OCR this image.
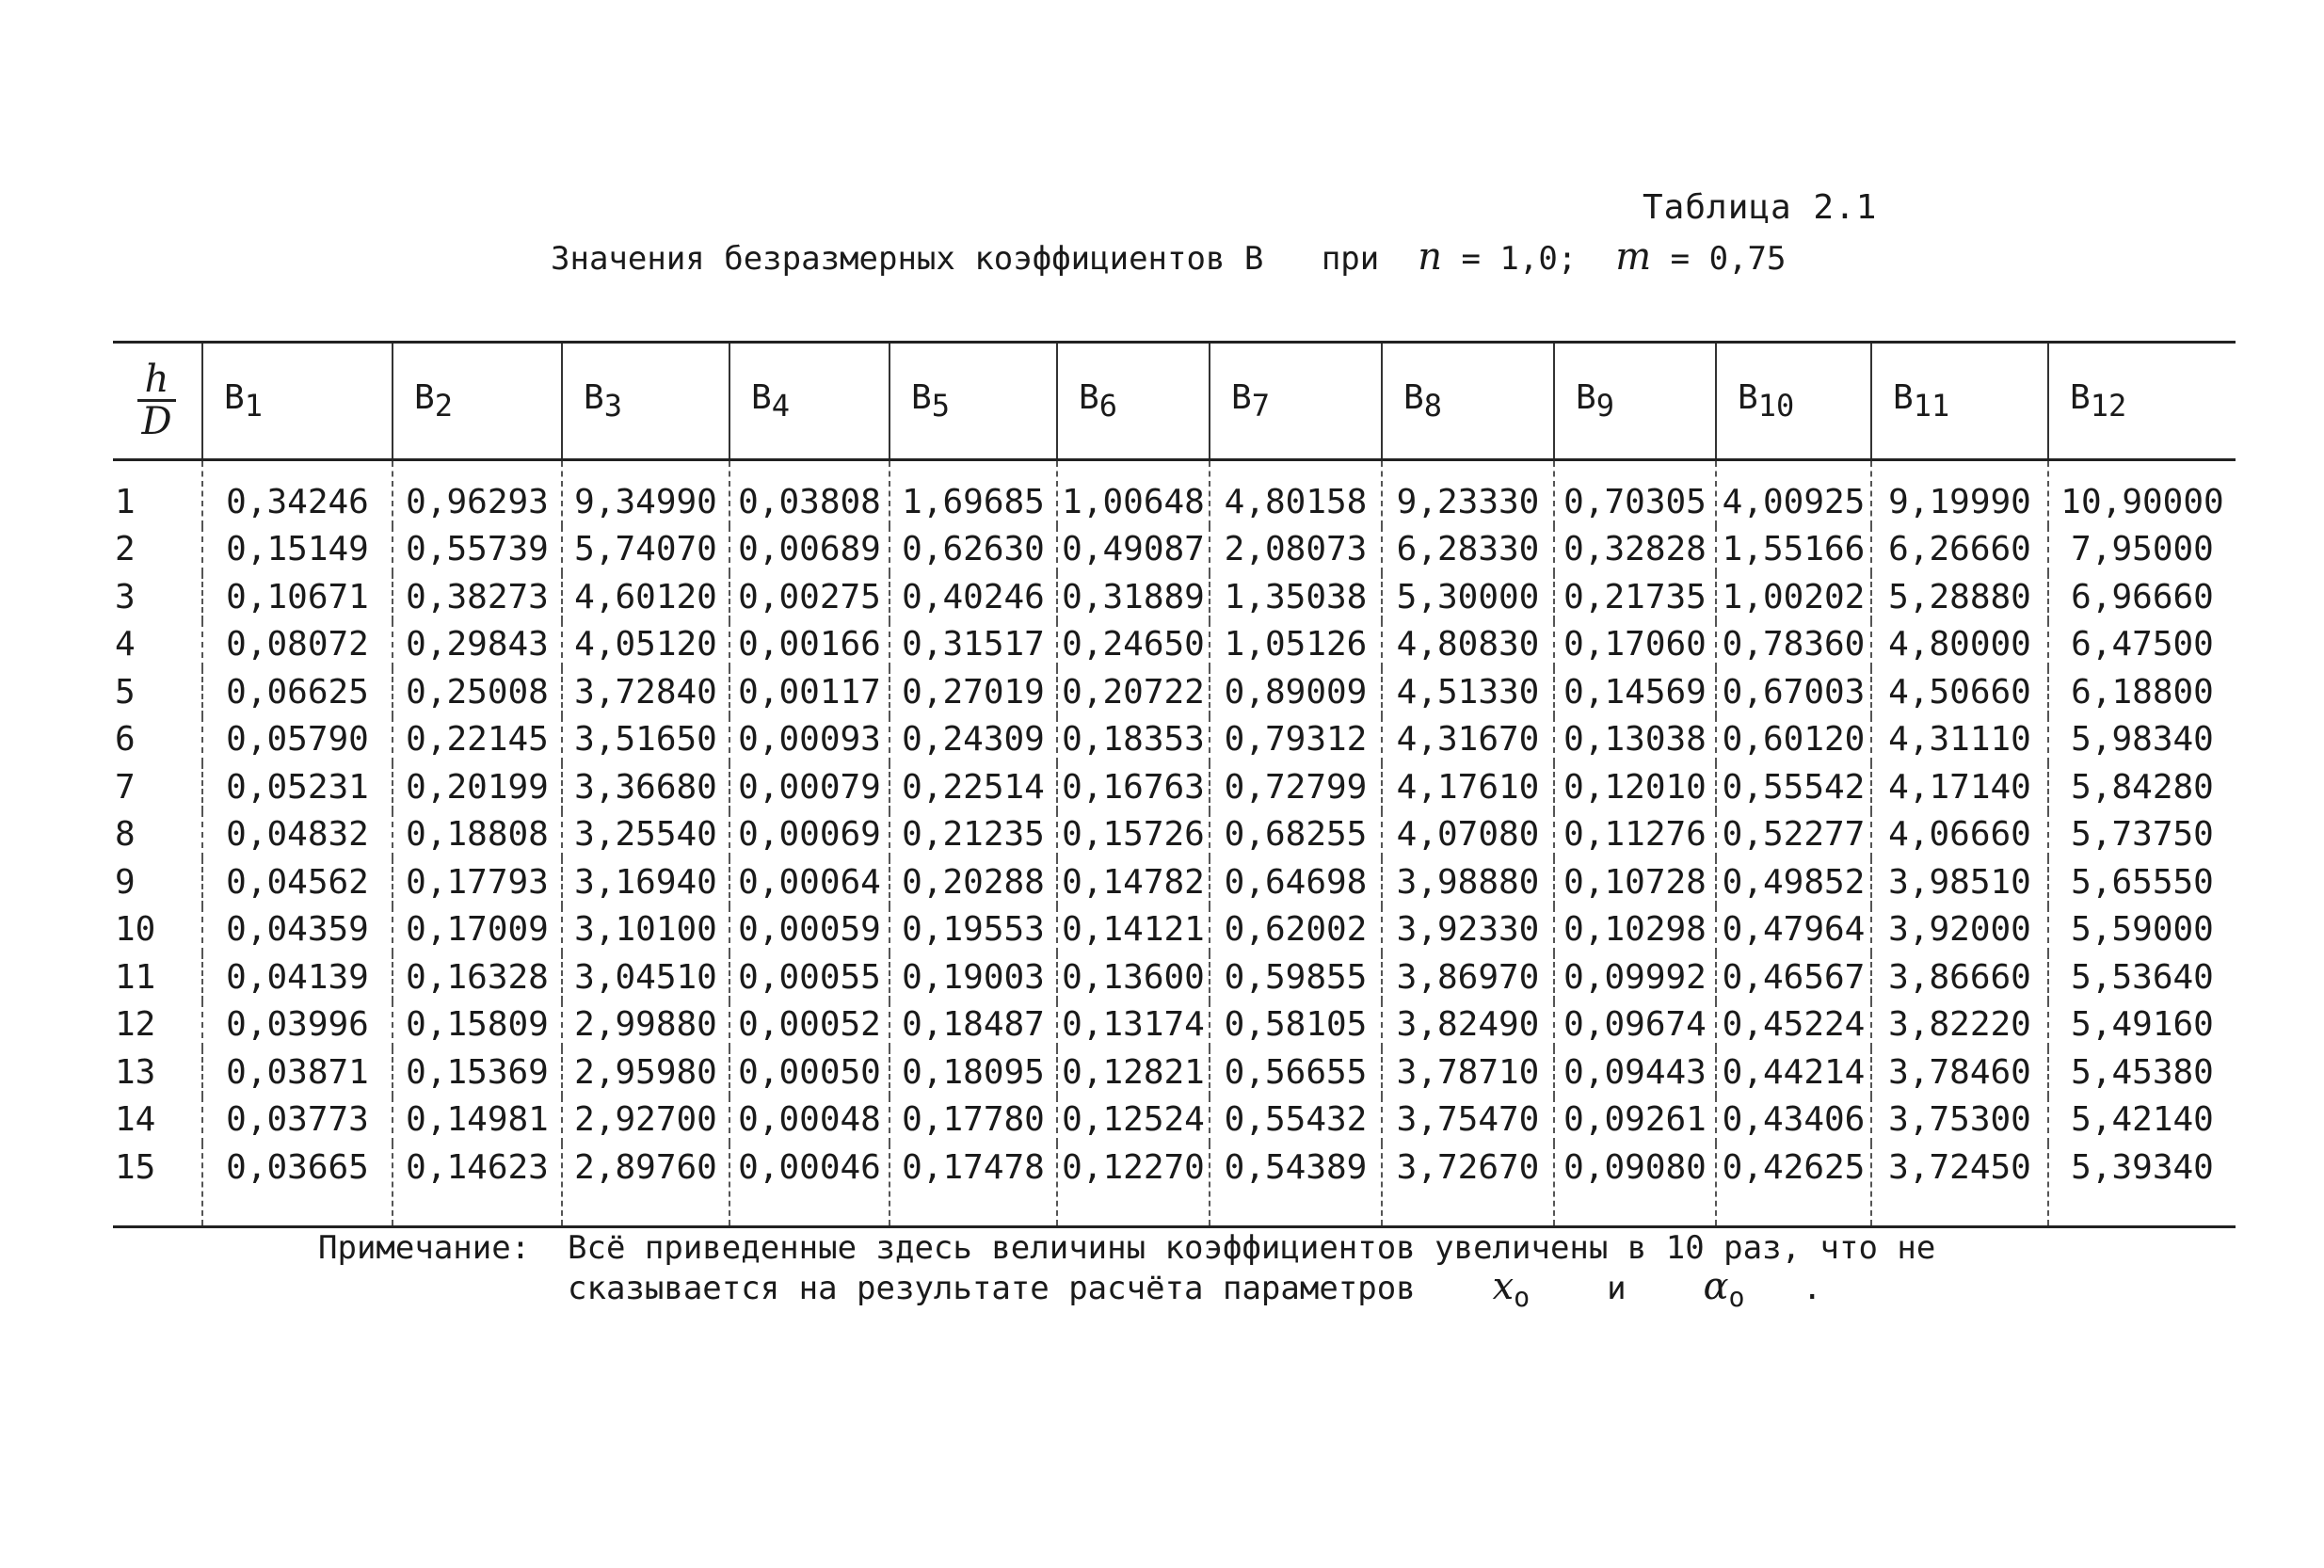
Таблица 2.1
Значения безразмерных коэффициентов В при n = 1,0; m = 0,75
$\frac{h}{D}$	$B_1$	$B_2$	$B_3$	$B_4$	$B_5$	$B_6$	$B_7$	$B_8$	$B_9$	$B_{10}$	$B_{11}$	$B_{12}$
1	0,34246	0,96293	9,34990	0,03808	1,69685	1,00648	4,80158	9,23330	0,70305	4,00925	9,19990	10,90000
2	0,15149	0,55739	5,74070	0,00689	0,62630	0,49087	2,08073	6,28330	0,32828	1,55166	6,26660	7,95000
3	0,10671	0,38273	4,60120	0,00275	0,40246	0,31889	1,35038	5,30000	0,21735	1,00202	5,28880	6,96660
4	0,08072	0,29843	4,05120	0,00166	0,31517	0,24650	1,05126	4,80830	0,17060	0,78360	4,80000	6,47500
5	0,06625	0,25008	3,72840	0,00117	0,27019	0,20722	0,89009	4,51330	0,14569	0,67003	4,50660	6,18800
6	0,05790	0,22145	3,51650	0,00093	0,24309	0,18353	0,79312	4,31670	0,13038	0,60120	4,31110	5,98340
7	0,05231	0,20199	3,36680	0,00079	0,22514	0,16763	0,72799	4,17610	0,12010	0,55542	4,17140	5,84280
8	0,04832	0,18808	3,25540	0,00069	0,21235	0,15726	0,68255	4,07080	0,11276	0,52277	4,06660	5,73750
9	0,04562	0,17793	3,16940	0,00064	0,20288	0,14782	0,64698	3,98880	0,10728	0,49852	3,98510	5,65550
10	0,04359	0,17009	3,10100	0,00059	0,19553	0,14121	0,62002	3,92330	0,10298	0,47964	3,92000	5,59000
11	0,04139	0,16328	3,04510	0,00055	0,19003	0,13600	0,59855	3,86970	0,09992	0,46567	3,86660	5,53640
12	0,03996	0,15809	2,99880	0,00052	0,18487	0,13174	0,58105	3,82490	0,09674	0,45224	3,82220	5,49160
13	0,03871	0,15369	2,95980	0,00050	0,18095	0,12821	0,56655	3,78710	0,09443	0,44214	3,78460	5,45380
14	0,03773	0,14981	2,92700	0,00048	0,17780	0,12524	0,55432	3,75470	0,09261	0,43406	3,75300	5,42140
15	0,03665	0,14623	2,89760	0,00046	0,17478	0,12270	0,54389	3,72670	0,09080	0,42625	3,72450	5,39340
Примечание: Всё приведенные здесь величины коэффициентов увеличены в 10 раз, что не
сказывается на результате расчёта параметров $x_o$ и $\alpha_o$ .
